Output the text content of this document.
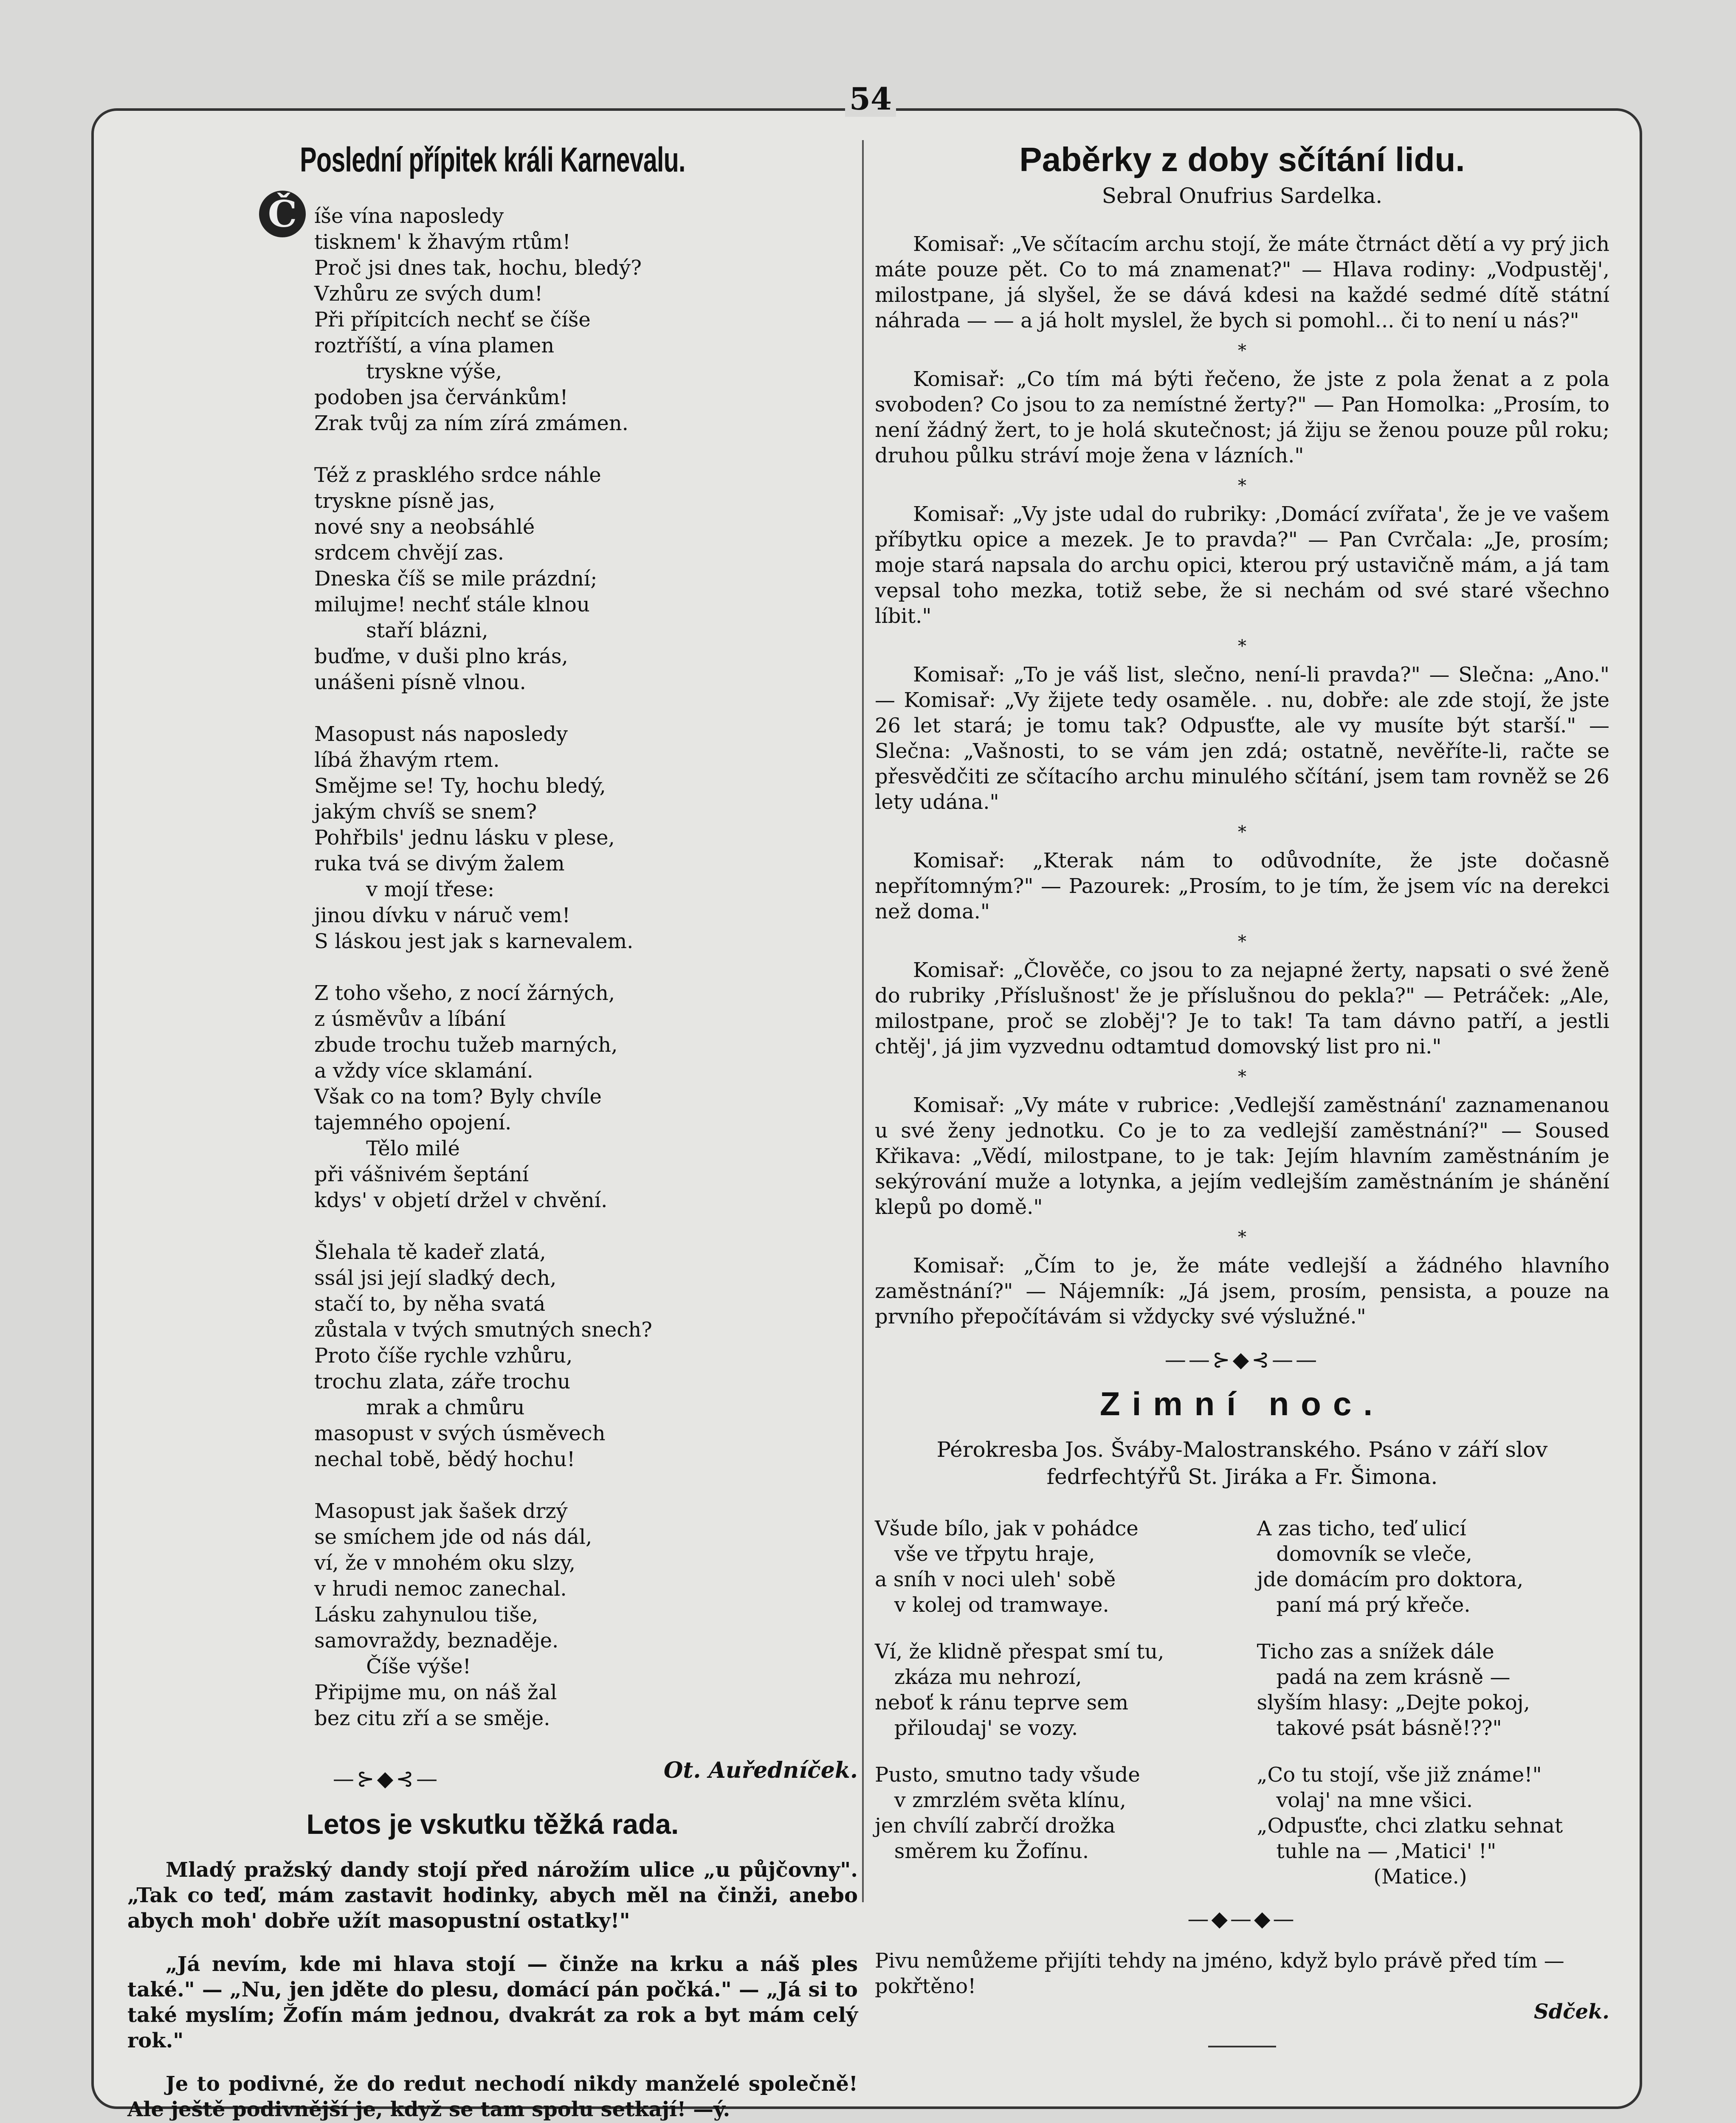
54
Poslední přípitek králi Karnevalu.
Č íše vína naposledy
tisknem' k žhavým rtům!
Proč jsi dnes tak, hochu, bledý?
Vzhůru ze svých dum!
Při přípitcích nechť se číše
roztříští, a vína plamen
tryskne výše,
podoben jsa červánkům!
Zrak tvůj za ním zírá zmámen.
Též z prasklého srdce náhle
tryskne písně jas,
nové sny a neobsáhlé
srdcem chvějí zas.
Dneska číš se mile prázdní;
milujme! nechť stále klnou
staří blázni,
buďme, v duši plno krás,
unášeni písně vlnou.
Masopust nás naposledy
líbá žhavým rtem.
Smějme se! Ty, hochu bledý,
jakým chvíš se snem?
Pohřbils' jednu lásku v plese,
ruka tvá se divým žalem
v mojí třese:
jinou dívku v náruč vem!
S láskou jest jak s karnevalem.
Z toho všeho, z nocí žárných,
z úsměvův a líbání
zbude trochu tužeb marných,
a vždy více sklamání.
Však co na tom? Byly chvíle
tajemného opojení.
Tělo milé
při vášnivém šeptání
kdys' v objetí držel v chvění.
Šlehala tě kadeř zlatá,
ssál jsi její sladký dech,
stačí to, by něha svatá
zůstala v tvých smutných snech?
Proto číše rychle vzhůru,
trochu zlata, záře trochu
mrak a chmůru
masopust v svých úsměvech
nechal tobě, bědý hochu!
Masopust jak šašek drzý
se smíchem jde od nás dál,
ví, že v mnohém oku slzy,
v hrudi nemoc zanechal.
Lásku zahynulou tiše,
samovraždy, beznaděje.
Číše výše!
Připijme mu, on náš žal
bez citu zří a se směje.
Ot. Auředníček.
—⊱◆⊰—
Letos je vskutku těžká rada.

Mladý pražský dandy stojí před nárožím ulice „u půjčovny". „Tak co teď, mám zastavit hodinky, abych měl na činži, anebo abych moh' dobře užít masopustní ostatky!"

„Já nevím, kde mi hlava stojí — činže na krku a náš ples také." — „Nu, jen jděte do plesu, domácí pán počká." — „Já si to také myslím; Žofín mám jednou, dvakrát za rok a byt mám celý rok."

Je to podivné, že do redut nechodí nikdy manželé společně! Ale ještě podivnější je, když se tam spolu setkají! —ý.

Paběrky z doby sčítání lidu.
Sebral Onufrius Sardelka.

Komisař: „Ve sčítacím archu stojí, že máte čtrnáct dětí a vy prý jich máte pouze pět. Co to má znamenat?" — Hlava rodiny: „Vodpustěj', milostpane, já slyšel, že se dává kdesi na každé sedmé dítě státní náhrada — — a já holt myslel, že bych si pomohl... či to není u nás?"

*

Komisař: „Co tím má býti řečeno, že jste z pola ženat a z pola svoboden? Co jsou to za nemístné žerty?" — Pan Homolka: „Prosím, to není žádný žert, to je holá skutečnost; já žiju se ženou pouze půl roku; druhou půlku stráví moje žena v lázních."

*

Komisař: „Vy jste udal do rubriky: ‚Domácí zvířata', že je ve vašem příbytku opice a mezek. Je to pravda?" — Pan Cvrčala: „Je, prosím; moje stará napsala do archu opici, kterou prý ustavičně mám, a já tam vepsal toho mezka, totiž sebe, že si nechám od své staré všechno líbit."

*

Komisař: „To je váš list, slečno, není-li pravda?" — Slečna: „Ano." — Komisař: „Vy žijete tedy osaměle. . nu, dobře: ale zde stojí, že jste 26 let stará; je tomu tak? Odpusťte, ale vy musíte být starší." — Slečna: „Vašnosti, to se vám jen zdá; ostatně, nevěříte-li, račte se přesvědčiti ze sčítacího archu minulého sčítání, jsem tam rovněž se 26 lety udána."

*

Komisař: „Kterak nám to odůvodníte, že jste dočasně nepřítomným?" — Pazourek: „Prosím, to je tím, že jsem víc na derekci než doma."

*

Komisař: „Člověče, co jsou to za nejapné žerty, napsati o své ženě do rubriky ‚Příslušnost' že je příslušnou do pekla?" — Petráček: „Ale, milostpane, proč se zloběj'? Je to tak! Ta tam dávno patří, a jestli chtěj', já jim vyzvednu odtamtud domovský list pro ni."

*

Komisař: „Vy máte v rubrice: ‚Vedlejší zaměstnání' zaznamenanou u své ženy jednotku. Co je to za vedlejší zaměstnání?" — Soused Křikava: „Vědí, milostpane, to je tak: Jejím hlavním zaměstnáním je sekýrování muže a lotynka, a jejím vedlejším zaměstnáním je shánění klepů po domě."

*

Komisař: „Čím to je, že máte vedlejší a žádného hlavního zaměstnání?" — Nájemník: „Já jsem, prosím, pensista, a pouze na prvního přepočítávám si vždycky své výslužné."

——⊱◆⊰——
Zimní noc.
Pérokresba Jos. Šváby-Malostranského. Psáno v září slov
fedrfechtýřů St. Jiráka a Fr. Šimona.
Všude bílo, jak v pohádce
vše ve třpytu hraje,
a sníh v noci uleh' sobě
v kolej od tramwaye.
Ví, že klidně přespat smí tu,
zkáza mu nehrozí,
neboť k ránu teprve sem
přiloudaj' se vozy.
Pusto, smutno tady všude
v zmrzlém světa klínu,
jen chvílí zabrčí drožka
směrem ku Žofínu.
A zas ticho, teď ulicí
domovník se vleče,
jde domácím pro doktora,
paní má prý křeče.
Ticho zas a snížek dále
padá na zem krásně —
slyším hlasy: „Dejte pokoj,
takové psát básně!??"
„Co tu stojí, vše již známe!"
volaj' na mne všici.
„Odpusťte, chci zlatku sehnat
tuhle na — ‚Matici' !"
(Matice.)
—◆—◆—
Pivu nemůžeme přijíti tehdy na jméno, když bylo právě před tím — pokřtěno!
Sdček.
